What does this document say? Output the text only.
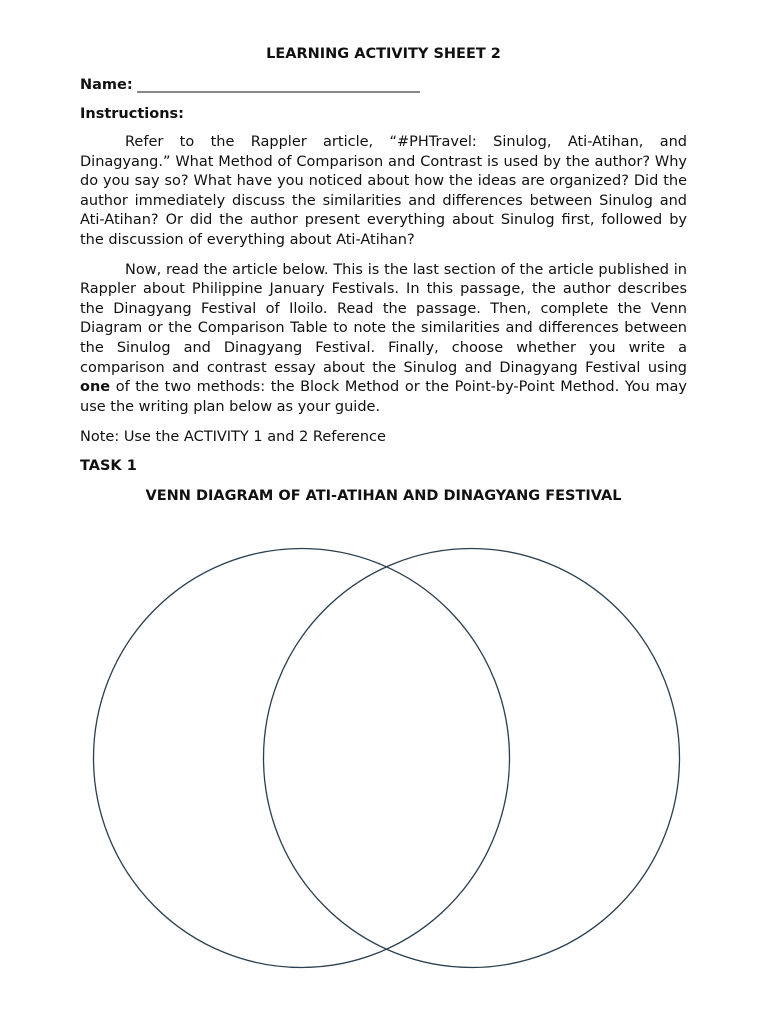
LEARNING ACTIVITY SHEET 2
Name: _______________________________________
Instructions:

Refer to the Rappler article, “#PHTravel: Sinulog, Ati-Atihan, and Dinagyang.” What Method of Comparison and Contrast is used by the author? Why do you say so? What have you noticed about how the ideas are organized? Did the author immediately discuss the similarities and differences between Sinulog and Ati-Atihan? Or did the author present everything about Sinulog first, followed by the discussion of everything about Ati-Atihan?

Now, read the article below. This is the last section of the article published in Rappler about Philippine January Festivals. In this passage, the author describes the Dinagyang Festival of Iloilo. Read the passage. Then, complete the Venn Diagram or the Comparison Table to note the similarities and differences between the Sinulog and Dinagyang Festival. Finally, choose whether you write a comparison and contrast essay about the Sinulog and Dinagyang Festival using one of the two methods: the Block Method or the Point-by-Point Method. You may use the writing plan below as your guide.

Note: Use the ACTIVITY 1 and 2 Reference
TASK 1
VENN DIAGRAM OF ATI-ATIHAN AND DINAGYANG FESTIVAL
